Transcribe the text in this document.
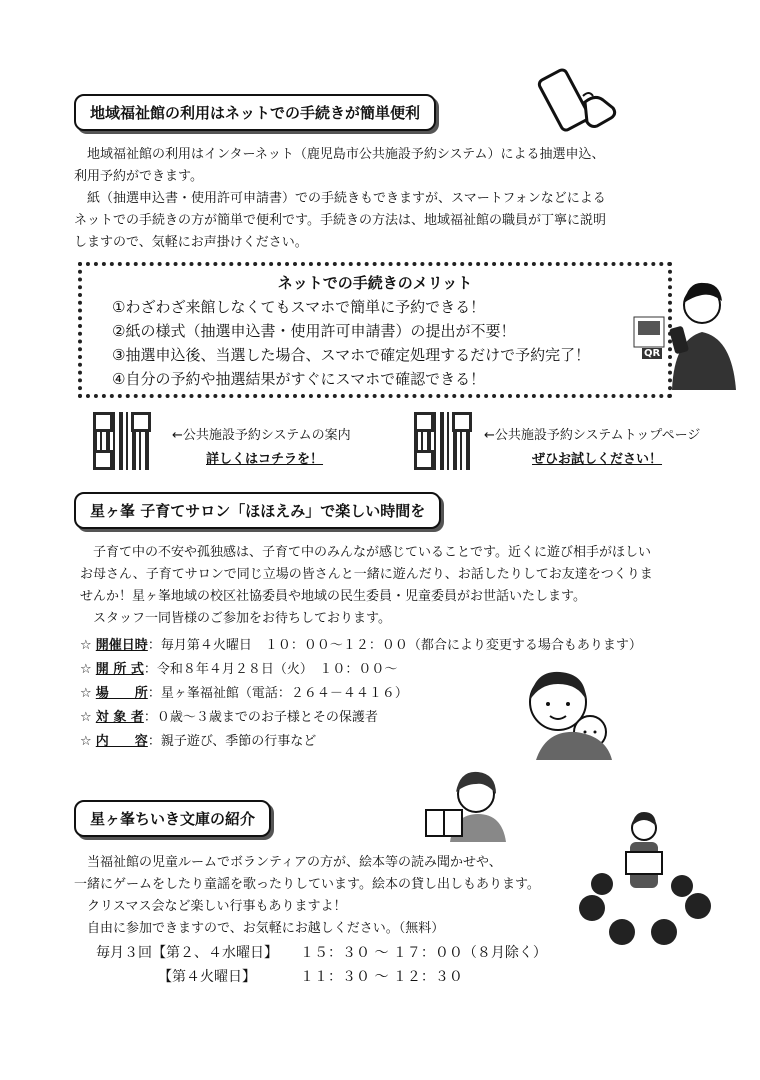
地域福祉館の利用はネットでの手続きが簡単便利
　地域福祉館の利用はインターネット（鹿児島市公共施設予約システム）による抽選申込、
利用予約ができます。
　紙（抽選申込書・使用許可申請書）での手続きもできますが、スマートフォンなどによる
ネットでの手続きの方が簡単で便利です。手続きの方法は、地域福祉館の職員が丁寧に説明
しますので、気軽にお声掛けください。
ネットでの手続きのメリット
①わざわざ来館しなくてもスマホで簡単に予約できる！
②紙の様式（抽選申込書・使用許可申請書）の提出が不要！
③抽選申込後、当選した場合、スマホで確定処理するだけで予約完了！
④自分の予約や抽選結果がすぐにスマホで確認できる！
QR
←公共施設予約システムの案内
詳しくはコチラを！
←公共施設予約システムトップページ
ぜひお試しください！
星ヶ峯 子育てサロン「ほほえみ」で楽しい時間を
　子育て中の不安や孤独感は、子育て中のみんなが感じていることです。近くに遊び相手がほしい
お母さん、子育てサロンで同じ立場の皆さんと一緒に遊んだり、お話したりしてお友達をつくりま
せんか！星ヶ峯地域の校区社協委員や地域の民生委員・児童委員がお世話いたします。
　スタッフ一同皆様のご参加をお待ちしております。
☆ 開催日時：毎月第４火曜日　１０：００～１２：００（都合により変更する場合もあります）
☆ 開 所 式：令和８年４月２８日（火）　１０：００～
☆ 場　　所：星ヶ峯福祉館（電話：２６４－４４１６）
☆ 対 象 者：０歳～３歳までのお子様とその保護者
☆ 内　　容：親子遊び、季節の行事など
星ヶ峯ちいき文庫の紹介
　当福祉館の児童ルームでボランティアの方が、絵本等の読み聞かせや、
一緒にゲームをしたり童謡を歌ったりしています。絵本の貸し出しもあります。
　クリスマス会など楽しい行事もありますよ！
　自由に参加できますので、お気軽にお越しください。（無料）
毎月３回【第２、４水曜日】 １５：３０ ～ １７：００（８月除く）
【第４火曜日】	１１：３０ ～ １２：３０
